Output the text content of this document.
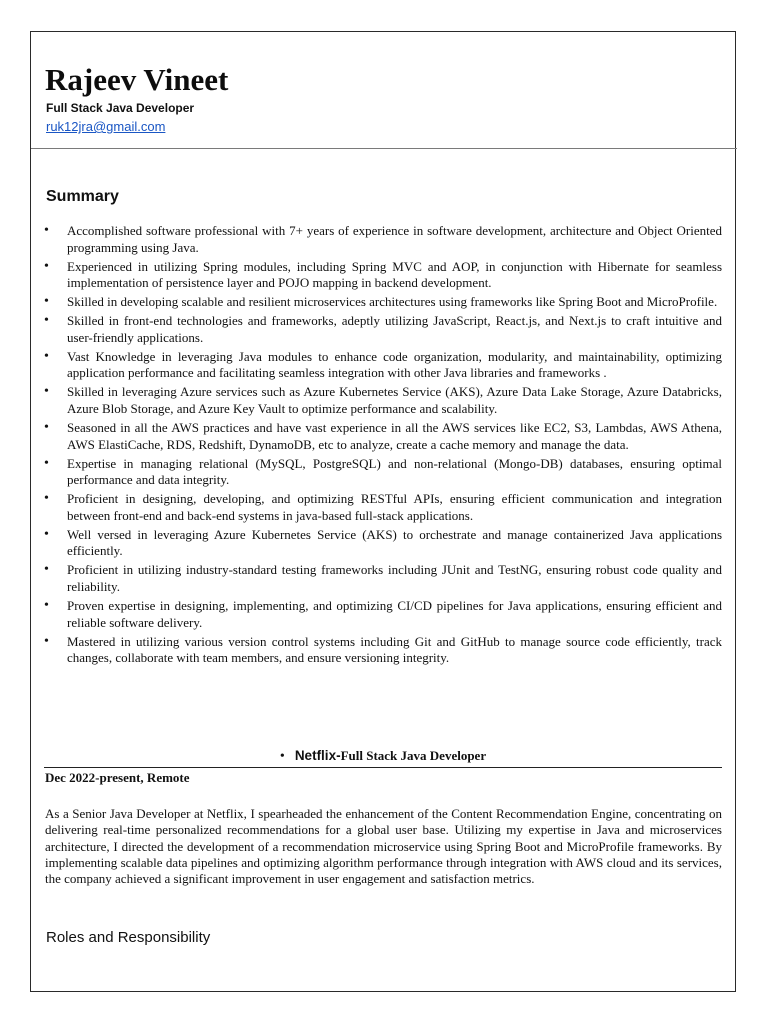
Rajeev Vineet

Full Stack Java Developer

ruk12jra@gmail.com
Summary
• Accomplished software professional with 7+ years of experience in software development, architecture and Object Oriented programming using Java.
• Experienced in utilizing Spring modules, including Spring MVC and AOP, in conjunction with Hibernate for seamless implementation of persistence layer and POJO mapping in backend development.
• Skilled in developing scalable and resilient microservices architectures using frameworks like Spring Boot and MicroProfile.
• Skilled in front-end technologies and frameworks, adeptly utilizing JavaScript, React.js, and Next.js to craft intuitive and user-friendly applications.
• Vast Knowledge in leveraging Java modules to enhance code organization, modularity, and maintainability, optimizing application performance and facilitating seamless integration with other Java libraries and frameworks .
• Skilled in leveraging Azure services such as Azure Kubernetes Service (AKS), Azure Data Lake Storage, Azure Databricks, Azure Blob Storage, and Azure Key Vault to optimize performance and scalability.
• Seasoned in all the AWS practices and have vast experience in all the AWS services like EC2, S3, Lambdas, AWS Athena, AWS ElastiCache, RDS, Redshift, DynamoDB, etc to analyze, create a cache memory and manage the data.
• Expertise in managing relational (MySQL, PostgreSQL) and non-relational (Mongo-DB) databases, ensuring optimal performance and data integrity.
• Proficient in designing, developing, and optimizing RESTful APIs, ensuring efficient communication and integration between front-end and back-end systems in java-based full-stack applications.
• Well versed in leveraging Azure Kubernetes Service (AKS) to orchestrate and manage containerized Java applications efficiently.
• Proficient in utilizing industry-standard testing frameworks including JUnit and TestNG, ensuring robust code quality and reliability.
• Proven expertise in designing, implementing, and optimizing CI/CD pipelines for Java applications, ensuring efficient and reliable software delivery.
• Mastered in utilizing various version control systems including Git and GitHub to manage source code efficiently, track changes, collaborate with team members, and ensure versioning integrity.

• Netflix-Full Stack Java Developer

Dec 2022-present, Remote

As a Senior Java Developer at Netflix, I spearheaded the enhancement of the Content Recommendation Engine, concentrating on delivering real-time personalized recommendations for a global user base. Utilizing my expertise in Java and microservices architecture, I directed the development of a recommendation microservice using Spring Boot and MicroProfile frameworks. By implementing scalable data pipelines and optimizing algorithm performance through integration with AWS cloud and its services, the company achieved a significant improvement in user engagement and satisfaction metrics.

Roles and Responsibility
